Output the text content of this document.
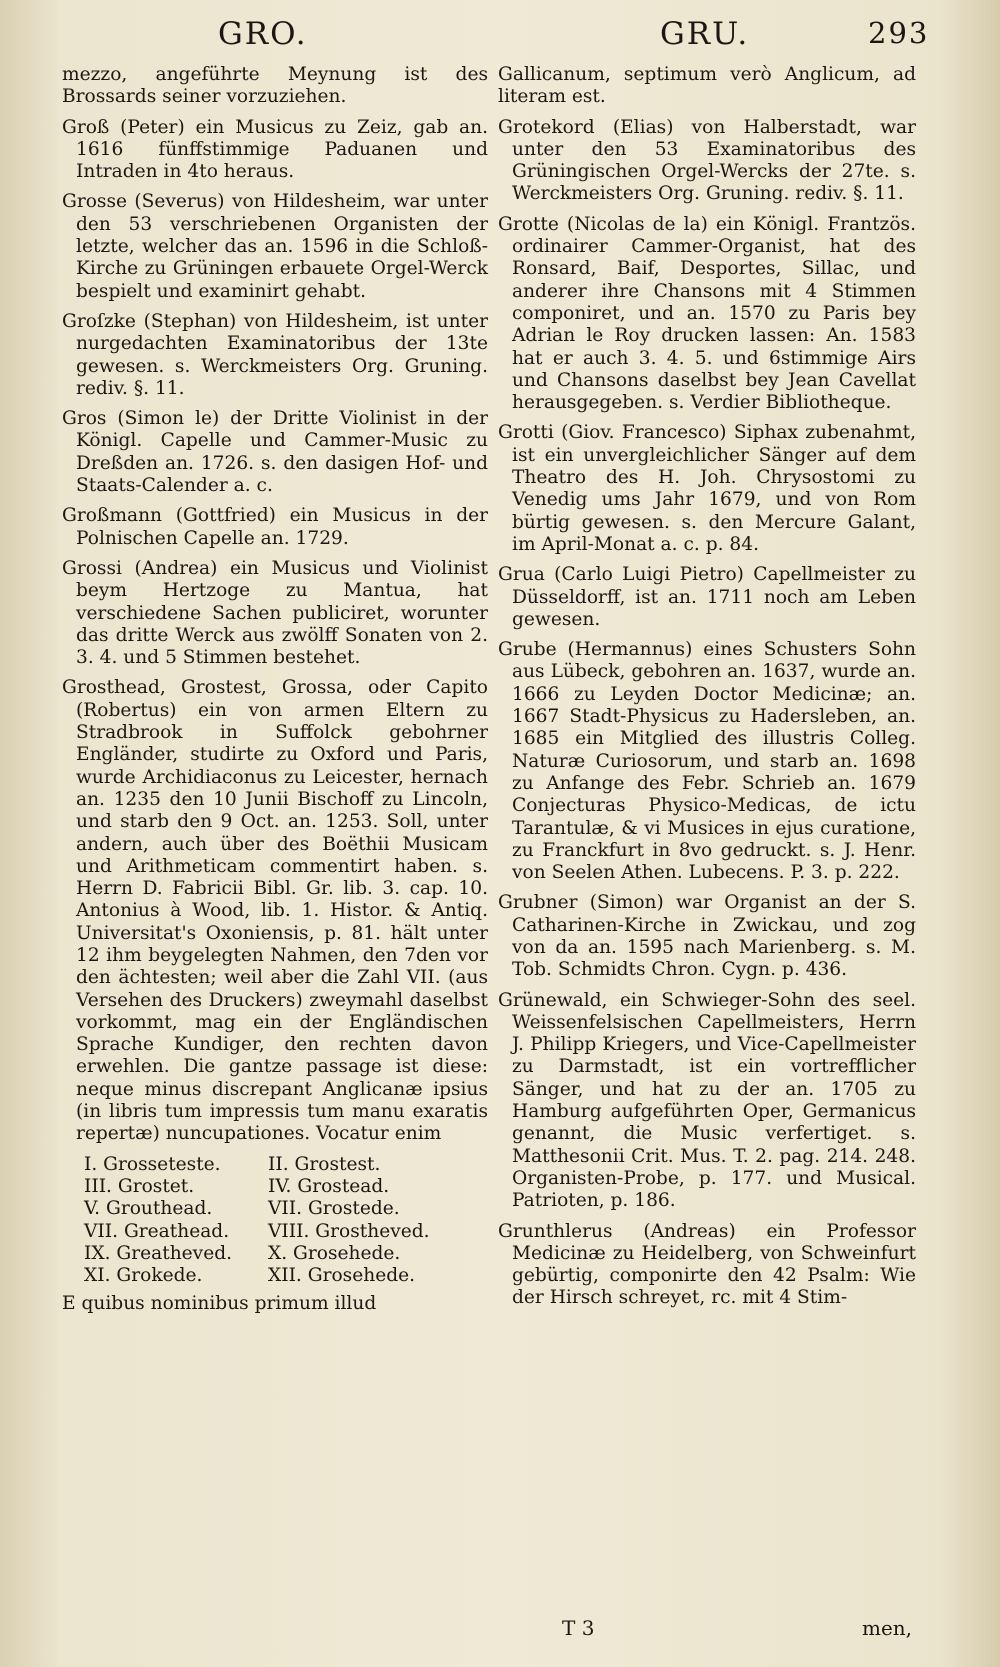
GRO.	GRU.	293

mezzo, angeführte Meynung ist des Brossards seiner vorzuziehen.

Groß (Peter) ein Musicus zu Zeiz, gab an. 1616 fünffstimmige Paduanen und Intraden in 4to heraus.

Grosse (Severus) von Hildesheim, war unter den 53 verschriebenen Organisten der letzte, welcher das an. 1596 in die Schloß-Kirche zu Grüningen erbauete Orgel-Werck bespielt und examinirt gehabt.

Groſzke (Stephan) von Hildesheim, ist unter nurgedachten Examinatoribus der 13te gewesen. s. Werckmeisters Org. Gruning. rediv. §. 11.

Gros (Simon le) der Dritte Violinist in der Königl. Capelle und Cammer-Music zu Dreßden an. 1726. s. den dasigen Hof- und Staats-Calender a. c.

Großmann (Gottfried) ein Musicus in der Polnischen Capelle an. 1729.

Grossi (Andrea) ein Musicus und Violinist beym Hertzoge zu Mantua, hat verschiedene Sachen publiciret, worunter das dritte Werck aus zwölff Sonaten von 2. 3. 4. und 5 Stimmen bestehet.

Grosthead, Grostest, Grossa, oder Capito (Robertus) ein von armen Eltern zu Stradbrook in Suffolck gebohrner Engländer, studirte zu Oxford und Paris, wurde Archidiaconus zu Leicester, hernach an. 1235 den 10 Junii Bischoff zu Lincoln, und starb den 9 Oct. an. 1253. Soll, unter andern, auch über des Boëthii Musicam und Arithmeticam commentirt haben. s. Herrn D. Fabricii Bibl. Gr. lib. 3. cap. 10. Antonius à Wood, lib. 1. Histor. & Antiq. Universitat's Oxoniensis, p. 81. hält unter 12 ihm beygelegten Nahmen, den 7den vor den ächtesten; weil aber die Zahl VII. (aus Versehen des Druckers) zweymahl daselbst vorkommt, mag ein der Engländischen Sprache Kundiger, den rechten davon erwehlen. Die gantze passage ist diese: neque minus discrepant Anglicanæ ipsius (in libris tum impressis tum manu exaratis repertæ) nuncupationes. Vocatur enim

I. Grosseteste.	II. Grostest.
III. Grostet.	IV. Grostead.
V. Grouthead.	VII. Grostede.
VII. Greathead.	VIII. Grostheved.
IX. Greatheved.	X. Grosehede.
XI. Grokede.	XII. Grosehede.

E quibus nominibus primum illud

Gallicanum, septimum verò Anglicum, ad literam est.

Grotekord (Elias) von Halberstadt, war unter den 53 Examinatoribus des Grüningischen Orgel-Wercks der 27te. s. Werckmeisters Org. Gruning. rediv. §. 11.

Grotte (Nicolas de la) ein Königl. Frantzös. ordinairer Cammer-Organist, hat des Ronsard, Baif, Desportes, Sillac, und anderer ihre Chansons mit 4 Stimmen componiret, und an. 1570 zu Paris bey Adrian le Roy drucken lassen: An. 1583 hat er auch 3. 4. 5. und 6stimmige Airs und Chansons daselbst bey Jean Cavellat herausgegeben. s. Verdier Bibliotheque.

Grotti (Giov. Francesco) Siphax zubenahmt, ist ein unvergleichlicher Sänger auf dem Theatro des H. Joh. Chrysostomi zu Venedig ums Jahr 1679, und von Rom bürtig gewesen. s. den Mercure Galant, im April-Monat a. c. p. 84.

Grua (Carlo Luigi Pietro) Capellmeister zu Düsseldorff, ist an. 1711 noch am Leben gewesen.

Grube (Hermannus) eines Schusters Sohn aus Lübeck, gebohren an. 1637, wurde an. 1666 zu Leyden Doctor Medicinæ; an. 1667 Stadt-Physicus zu Hadersleben, an. 1685 ein Mitglied des illustris Colleg. Naturæ Curiosorum, und starb an. 1698 zu Anfange des Febr. Schrieb an. 1679 Conjecturas Physico-Medicas, de ictu Tarantulæ, & vi Musices in ejus curatione, zu Franckfurt in 8vo gedruckt. s. J. Henr. von Seelen Athen. Lubecens. P. 3. p. 222.

Grubner (Simon) war Organist an der S. Catharinen-Kirche in Zwickau, und zog von da an. 1595 nach Marienberg. s. M. Tob. Schmidts Chron. Cygn. p. 436.

Grünewald, ein Schwieger-Sohn des seel. Weissenfelsischen Capellmeisters, Herrn J. Philipp Kriegers, und Vice-Capellmeister zu Darmstadt, ist ein vortrefflicher Sänger, und hat zu der an. 1705 zu Hamburg aufgeführten Oper, Germanicus genannt, die Music verfertiget. s. Matthesonii Crit. Mus. T. 2. pag. 214. 248. Organisten-Probe, p. 177. und Musical. Patrioten, p. 186.

Grunthlerus (Andreas) ein Professor Medicinæ zu Heidelberg, von Schweinfurt gebürtig, componirte den 42 Psalm: Wie der Hirsch schreyet, rc. mit 4 Stim-

T 3	men,
